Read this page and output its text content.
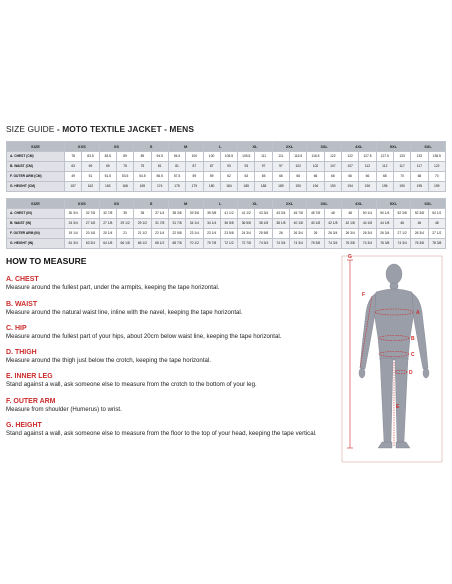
SIZE GUIDE - MOTO TEXTILE JACKET - MENS
SIZE	XXS		XS		S		M		L		XL		2XL		3XL		4XL		5XL		6XL	
A. CHEST (CM)	78	83.5	83.5	89	89	94.5	94.5	100	100	105.5	105.5	111	111	116.5	116.5	122	122	127.5	127.5	133	133	138.5
B. WAIST (CM)	63	69	69	75	75	81	81	87	87	93	93	97	97	102	102	107	107	112	112	117	117	122
F. OUTER ARM (CM)	49	51	51.5	53.5	54.5	56.5	57.5	59	59	62	63	65	66	66	66	66	66	66	68	70	68	70
G. HEIGHT (CM)	157	162	163	168	169	174	175	179	180	184	185	188	189	190	194	190	194	190	195	190	195	199
SIZE	XXS		XS		S		M		L		XL		2XL		3XL		4XL		5XL		6XL	
A. CHEST (IN)	30 3/4	32 7/8	32 7/8	35	35	37 1/4	38 3/8	39 3/8	39 3/8	41 1/2	41 1/2	43 3/4	43 3/4	45 7/8	45 7/8	48	48	50 1/4	50 1/4	52 3/8	52 3/8	54 1/2
B. WAIST (IN)	24 3/4	27 1/8	27 1/8	29 1/2	29 1/2	31 7/8	31 7/8	34 1/4	34 1/4	36 5/8	36 5/8	38 1/8	38 1/8	40 1/8	40 1/8	42 1/8	42 1/8	44 1/8	44 1/8	46	46	48
F. OUTER ARM (IN)	19 1/4	20 1/8	20 1/4	21	21 1/2	22 1/4	22 5/8	23 1/4	23 1/4	23 5/8	24 3/4	25 5/8	26	26 3/4	26	26 3/4	26 3/4	26 3/4	26 3/4	27 1/2	26 3/4	27 1/2
G. HEIGHT (IN)	61 3/4	63 3/4	64 1/8	66 1/8	66 1/2	68 1/2	68 7/8	70 1/2	70 7/8	72 1/2	72 7/8	74 3/4	74 3/4	74 3/4	76 3/8	74 3/4	76 3/8	74 3/4	76 3/8	74 3/4	76 3/8	78 3/8
HOW TO MEASURE
A. CHEST

Measure around the fullest part, under the armpits, keeping the tape horizontal.

B. WAIST

Measure around the natural waist line, inline with the navel, keeping the tape horizontal.

C. HIP

Measure around the fullest part of your hips, about 20cm below waist line, keeping the tape horizontal.

D. THIGH

Measure around the thigh just below the crotch, keeping the tape horizontal.

E. INNER LEG

Stand against a wall, ask someone else to measure from the crotch to the bottom of your leg.

F. OUTER ARM

Measure from shoulder (Humerus) to wrist.

G. HEIGHT

Stand against a wall, ask someone else to measure from the floor to the top of your head, keeping the tape vertical.

A
B
C
D
E
F
G
